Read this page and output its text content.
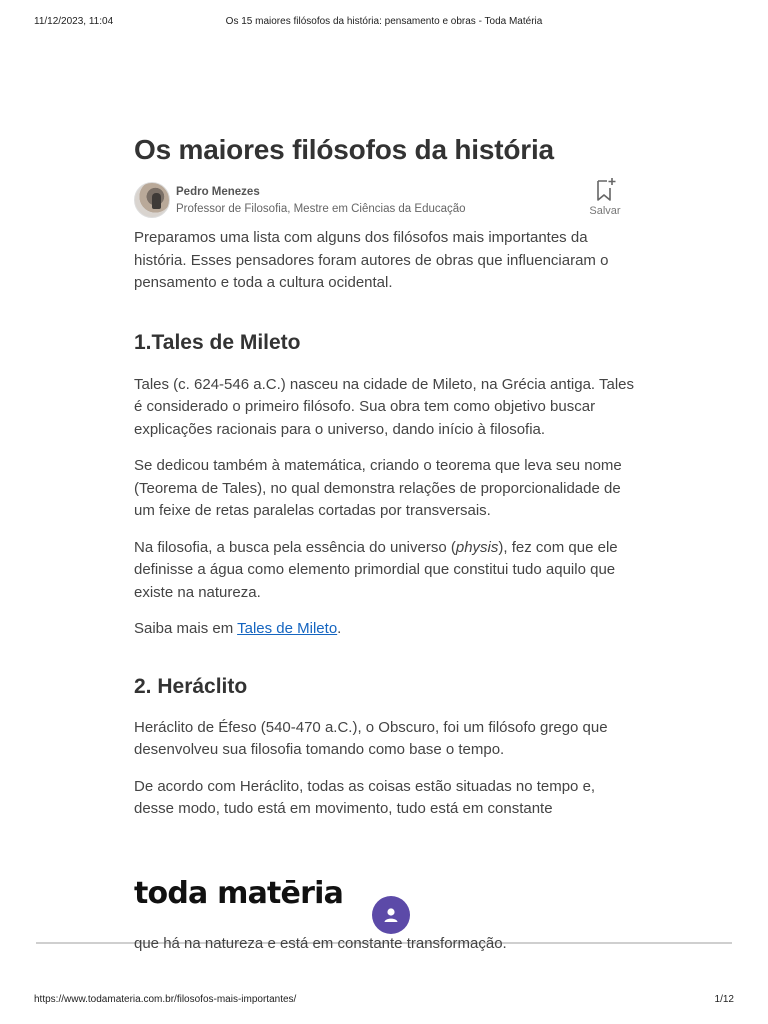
11/12/2023, 11:04	Os 15 maiores filósofos da história: pensamento e obras - Toda Matéria
Os maiores filósofos da história
Pedro Menezes
Professor de Filosofia, Mestre em Ciências da Educação	Salvar

Preparamos uma lista com alguns dos filósofos mais importantes da história. Esses pensadores foram autores de obras que influenciaram o pensamento e toda a cultura ocidental.

1.Tales de Mileto

Tales (c. 624-546 a.C.) nasceu na cidade de Mileto, na Grécia antiga. Tales é considerado o primeiro filósofo. Sua obra tem como objetivo buscar explicações racionais para o universo, dando início à filosofia.

Se dedicou também à matemática, criando o teorema que leva seu nome (Teorema de Tales), no qual demonstra relações de proporcionalidade de um feixe de retas paralelas cortadas por transversais.

Na filosofia, a busca pela essência do universo (physis), fez com que ele definisse a água como elemento primordial que constitui tudo aquilo que existe na natureza.

Saiba mais em Tales de Mileto.

2. Heráclito

Heráclito de Éfeso (540-470 a.C.), o Obscuro, foi um filósofo grego que desenvolveu sua filosofia tomando como base o tempo.

De acordo com Heráclito, todas as coisas estão situadas no tempo e, desse modo, tudo está em movimento, tudo está em constante

toda matēria

que há na natureza e está em constante transformação.

https://www.todamateria.com.br/filosofos-mais-importantes/	1/12
